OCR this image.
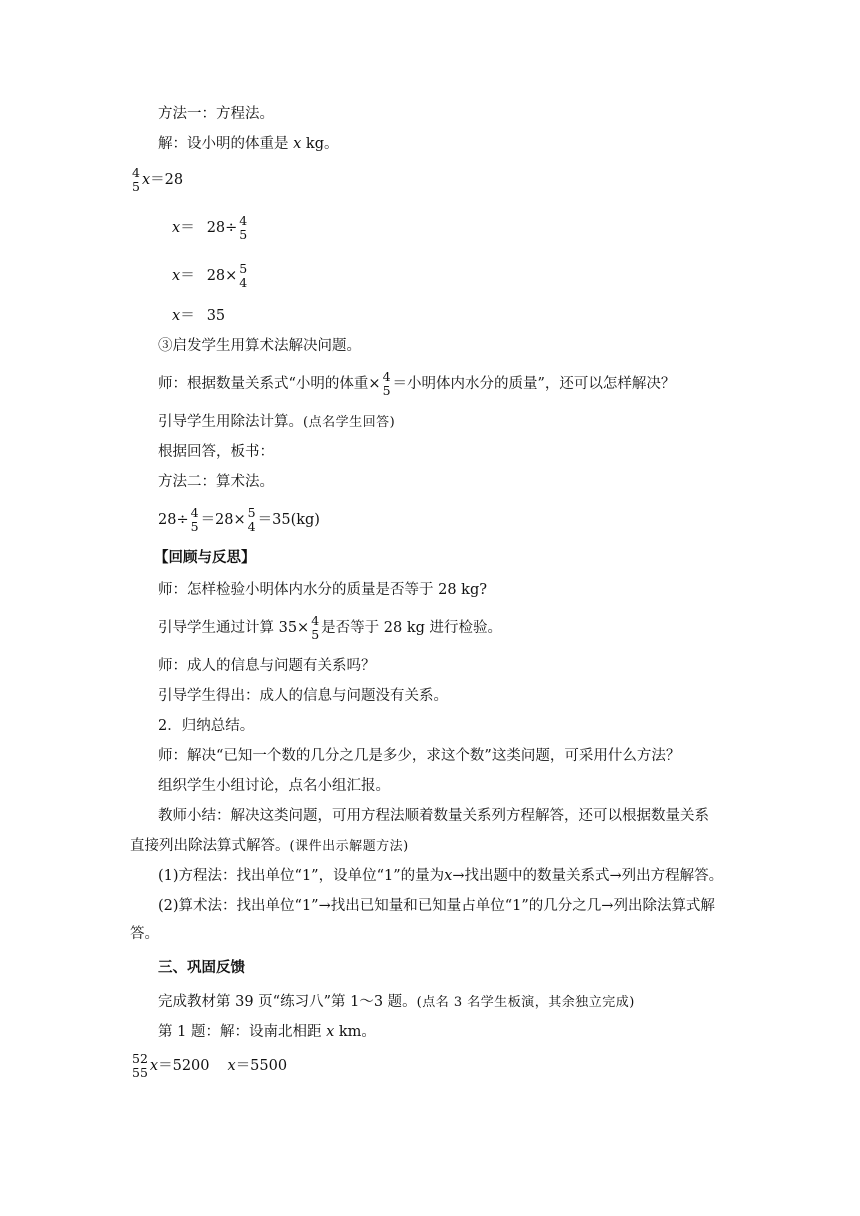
方法一：方程法。
解：设小明的体重是 x kg。
4
5 x＝28
x＝ 28÷ 4
5
x＝ 28× 5
4
x＝ 35
③启发学生用算术法解决问题。
师：根据数量关系式“小明的体重× 4
5 ＝小明体内水分的质量”，还可以怎样解决？
引导学生用除法计算。(点名学生回答)
根据回答，板书：
方法二：算术法。
28÷ 4
5 ＝28× 5
4 ＝35(kg)
【回顾与反思】
师：怎样检验小明体内水分的质量是否等于 28 kg?
引导学生通过计算 35× 4
5 是否等于 28 kg 进行检验。
师：成人的信息与问题有关系吗？
引导学生得出：成人的信息与问题没有关系。
2．归纳总结。
师：解决“已知一个数的几分之几是多少，求这个数”这类问题，可采用什么方法？
组织学生小组讨论，点名小组汇报。
教师小结：解决这类问题，可用方程法顺着数量关系列方程解答，还可以根据数量关系
直接列出除法算式解答。(课件出示解题方法)
(1)方程法：找出单位“1”，设单位“1”的量为x→找出题中的数量关系式→列出方程解答。
(2)算术法：找出单位“1”→找出已知量和已知量占单位“1”的几分之几→列出除法算式解
答。
三、巩固反馈
完成教材第 39 页“练习八”第 1～3 题。(点名 3 名学生板演，其余独立完成)
第 1 题：解：设南北相距 x km。
52
55 x＝5200 x＝5500
